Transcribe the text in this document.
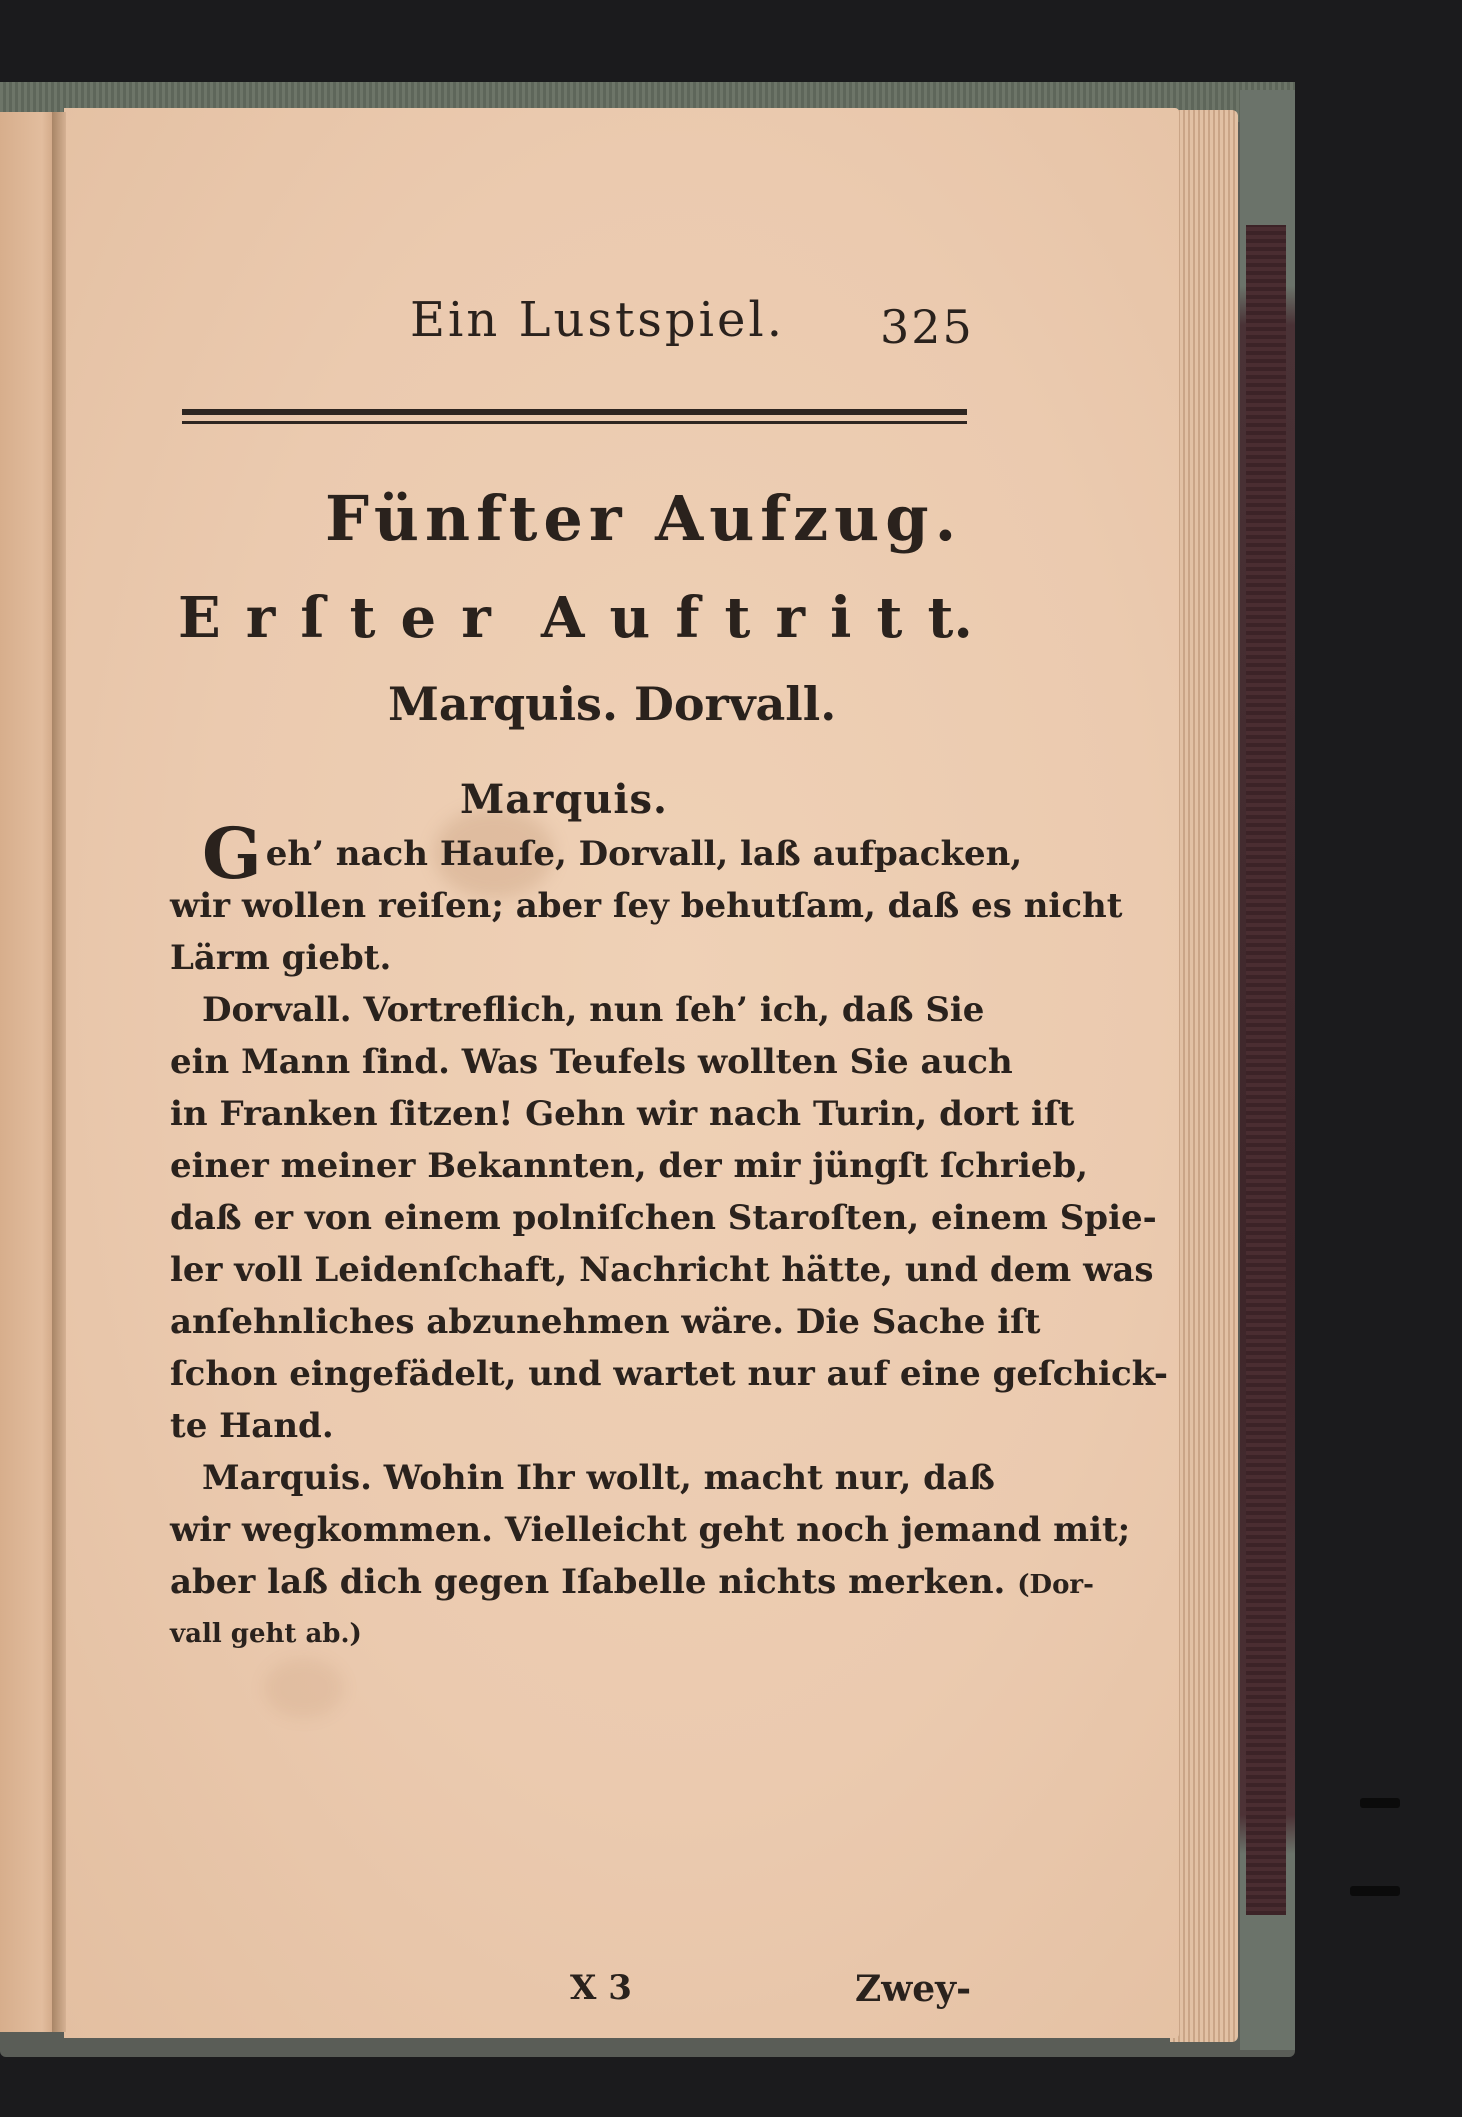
Ein Lustspiel. 325
Fünfter Aufzug.
E r ſ t e r A u f t r i t t.
Marquis. Dorvall.
Marquis.
Geh’ nach Hauſe, Dorvall, laß aufpacken,
wir wollen reiſen; aber ſey behutſam, daß es nicht
Lärm giebt.
Dorvall. Vortreflich, nun ſeh’ ich, daß Sie
ein Mann ſind. Was Teufels wollten Sie auch
in Franken ſitzen! Gehn wir nach Turin, dort iſt
einer meiner Bekannten, der mir jüngſt ſchrieb,
daß er von einem polniſchen Staroſten, einem Spie-
ler voll Leidenſchaft, Nachricht hätte, und dem was
anſehnliches abzunehmen wäre. Die Sache iſt
ſchon eingefädelt, und wartet nur auf eine geſchick-
te Hand.
Marquis. Wohin Ihr wollt, macht nur, daß
wir wegkommen. Vielleicht geht noch jemand mit;
aber laß dich gegen Iſabelle nichts merken. (Dor-
vall geht ab.)
X 3	Zwey-
